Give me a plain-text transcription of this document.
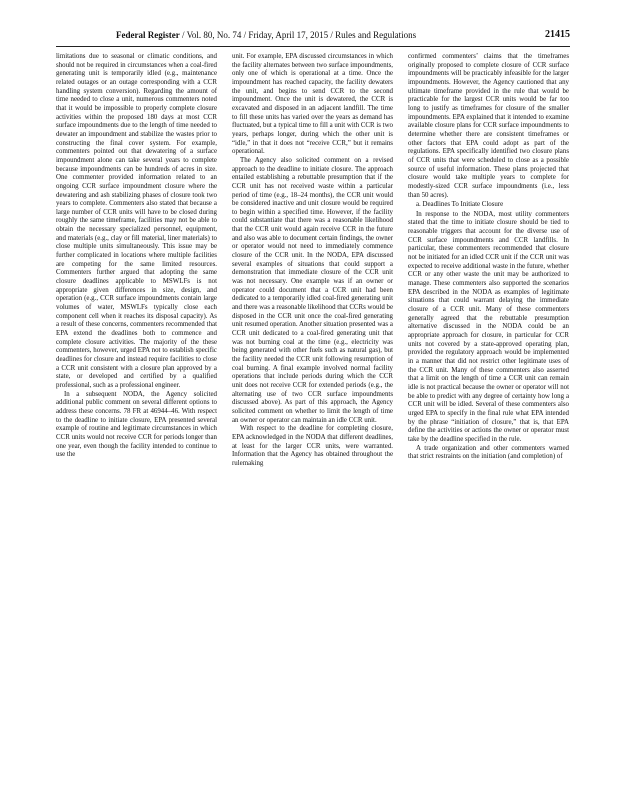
Federal Register / Vol. 80, No. 74 / Friday, April 17, 2015 / Rules and Regulations	21415

limitations due to seasonal or climatic conditions, and should not be required in circumstances when a coal-fired generating unit is temporarily idled (e.g., maintenance related outages or an outage corresponding with a CCR handling system conversion). Regarding the amount of time needed to close a unit, numerous commenters noted that it would be impossible to properly complete closure activities within the proposed 180 days at most CCR surface impoundments due to the length of time needed to dewater an impoundment and stabilize the wastes prior to constructing the final cover system. For example, commenters pointed out that dewatering of a surface impoundment alone can take several years to complete because impoundments can be hundreds of acres in size. One commenter provided information related to an ongoing CCR surface impoundment closure where the dewatering and ash stabilizing phases of closure took two years to complete. Commenters also stated that because a large number of CCR units will have to be closed during roughly the same timeframe, facilities may not be able to obtain the necessary specialized personnel, equipment, and materials (e.g., clay or fill material, liner materials) to close multiple units simultaneously. This issue may be further complicated in locations where multiple facilities are competing for the same limited resources. Commenters further argued that adopting the same closure deadlines applicable to MSWLFs is not appropriate given differences in size, design, and operation (e.g., CCR surface impoundments contain large volumes of water, MSWLFs typically close each component cell when it reaches its disposal capacity). As a result of these concerns, commenters recommended that EPA extend the deadlines both to commence and complete closure activities. The majority of the these commenters, however, urged EPA not to establish specific deadlines for closure and instead require facilities to close a CCR unit consistent with a closure plan approved by a state, or developed and certified by a qualified professional, such as a professional engineer.

In a subsequent NODA, the Agency solicited additional public comment on several different options to address these concerns. 78 FR at 46944–46. With respect to the deadline to initiate closure, EPA presented several example of routine and legitimate circumstances in which CCR units would not receive CCR for periods longer than one year, even though the facility intended to continue to use the

unit. For example, EPA discussed circumstances in which the facility alternates between two surface impoundments, only one of which is operational at a time. Once the impoundment has reached capacity, the facility dewaters the unit, and begins to send CCR to the second impoundment. Once the unit is dewatered, the CCR is excavated and disposed in an adjacent landfill. The time to fill these units has varied over the years as demand has fluctuated, but a typical time to fill a unit with CCR is two years, perhaps longer, during which the other unit is “idle,” in that it does not “receive CCR,” but it remains operational.

The Agency also solicited comment on a revised approach to the deadline to initiate closure. The approach entailed establishing a rebuttable presumption that if the CCR unit has not received waste within a particular period of time (e.g., 18–24 months), the CCR unit would be considered inactive and unit closure would be required to begin within a specified time. However, if the facility could substantiate that there was a reasonable likelihood that the CCR unit would again receive CCR in the future and also was able to document certain findings, the owner or operator would not need to immediately commence closure of the CCR unit. In the NODA, EPA discussed several examples of situations that could support a demonstration that immediate closure of the CCR unit was not necessary. One example was if an owner or operator could document that a CCR unit had been dedicated to a temporarily idled coal-fired generating unit and there was a reasonable likelihood that CCRs would be disposed in the CCR unit once the coal-fired generating unit resumed operation. Another situation presented was a CCR unit dedicated to a coal-fired generating unit that was not burning coal at the time (e.g., electricity was being generated with other fuels such as natural gas), but the facility needed the CCR unit following resumption of coal burning. A final example involved normal facility operations that include periods during which the CCR unit does not receive CCR for extended periods (e.g., the alternating use of two CCR surface impoundments discussed above). As part of this approach, the Agency solicited comment on whether to limit the length of time an owner or operator can maintain an idle CCR unit.

With respect to the deadline for completing closure, EPA acknowledged in the NODA that different deadlines, at least for the larger CCR units, were warranted. Information that the Agency has obtained throughout the rulemaking

confirmed commenters’ claims that the timeframes originally proposed to complete closure of CCR surface impoundments will be practicably infeasible for the larger impoundments. However, the Agency cautioned that any ultimate timeframe provided in the rule that would be practicable for the largest CCR units would be far too long to justify as timeframes for closure of the smaller impoundments. EPA explained that it intended to examine available closure plans for CCR surface impoundments to determine whether there are consistent timeframes or other factors that EPA could adopt as part of the regulations. EPA specifically identified two closure plans of CCR units that were scheduled to close as a possible source of useful information. These plans projected that closure would take multiple years to complete for modestly-sized CCR surface impoundments (i.e., less than 50 acres).

a. Deadlines To Initiate Closure

In response to the NODA, most utility commenters stated that the time to initiate closure should be tied to reasonable triggers that account for the diverse use of CCR surface impoundments and CCR landfills. In particular, these commenters recommended that closure not be initiated for an idled CCR unit if the CCR unit was expected to receive additional waste in the future, whether CCR or any other waste the unit may be authorized to manage. These commenters also supported the scenarios EPA described in the NODA as examples of legitimate situations that could warrant delaying the immediate closure of a CCR unit. Many of these commenters generally agreed that the rebuttable presumption alternative discussed in the NODA could be an appropriate approach for closure, in particular for CCR units not covered by a state-approved operating plan, provided the regulatory approach would be implemented in a manner that did not restrict other legitimate uses of the CCR unit. Many of these commenters also asserted that a limit on the length of time a CCR unit can remain idle is not practical because the owner or operator will not be able to predict with any degree of certainty how long a CCR unit will be idled. Several of these commenters also urged EPA to specify in the final rule what EPA intended by the phrase “initiation of closure,” that is, that EPA define the activities or actions the owner or operator must take by the deadline specified in the rule.

A trade organization and other commenters warned that strict restraints on the initiation (and completion) of
